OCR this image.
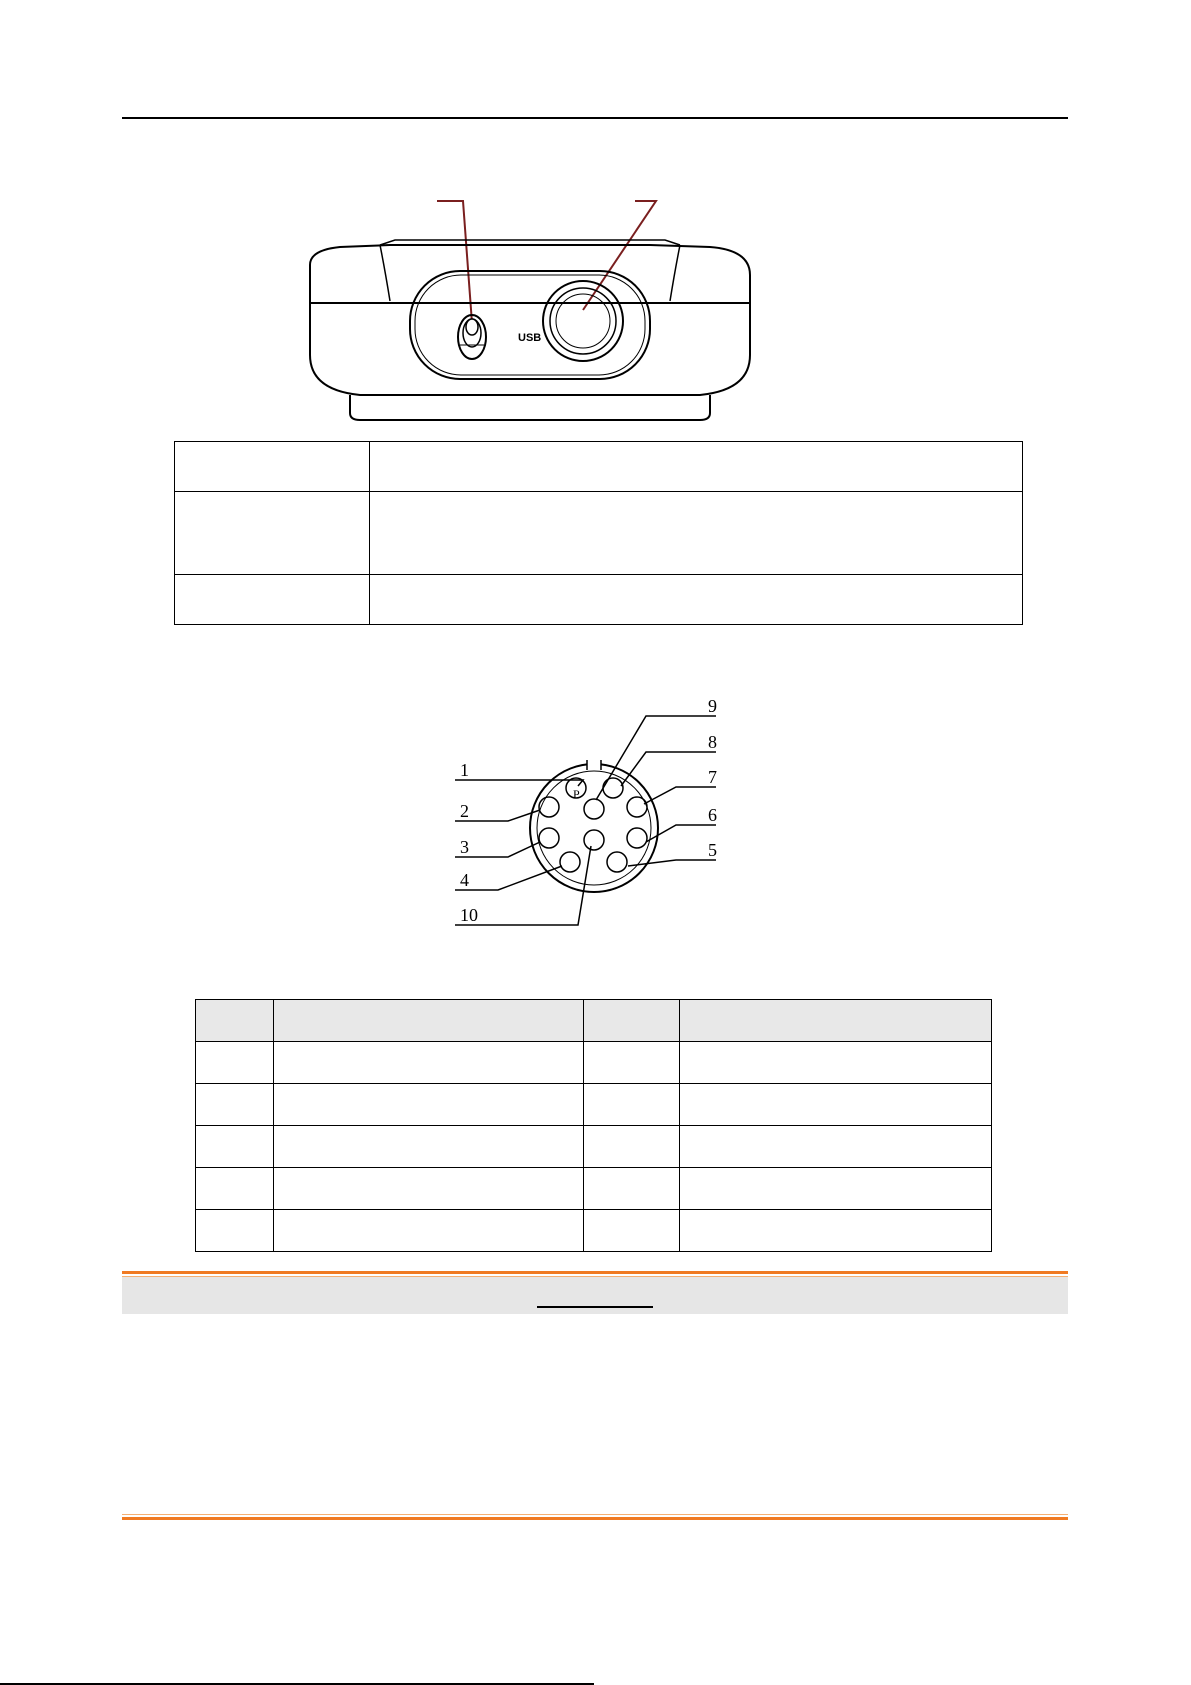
USB

P
1
2
3
4
5
6
7
8
9
10
